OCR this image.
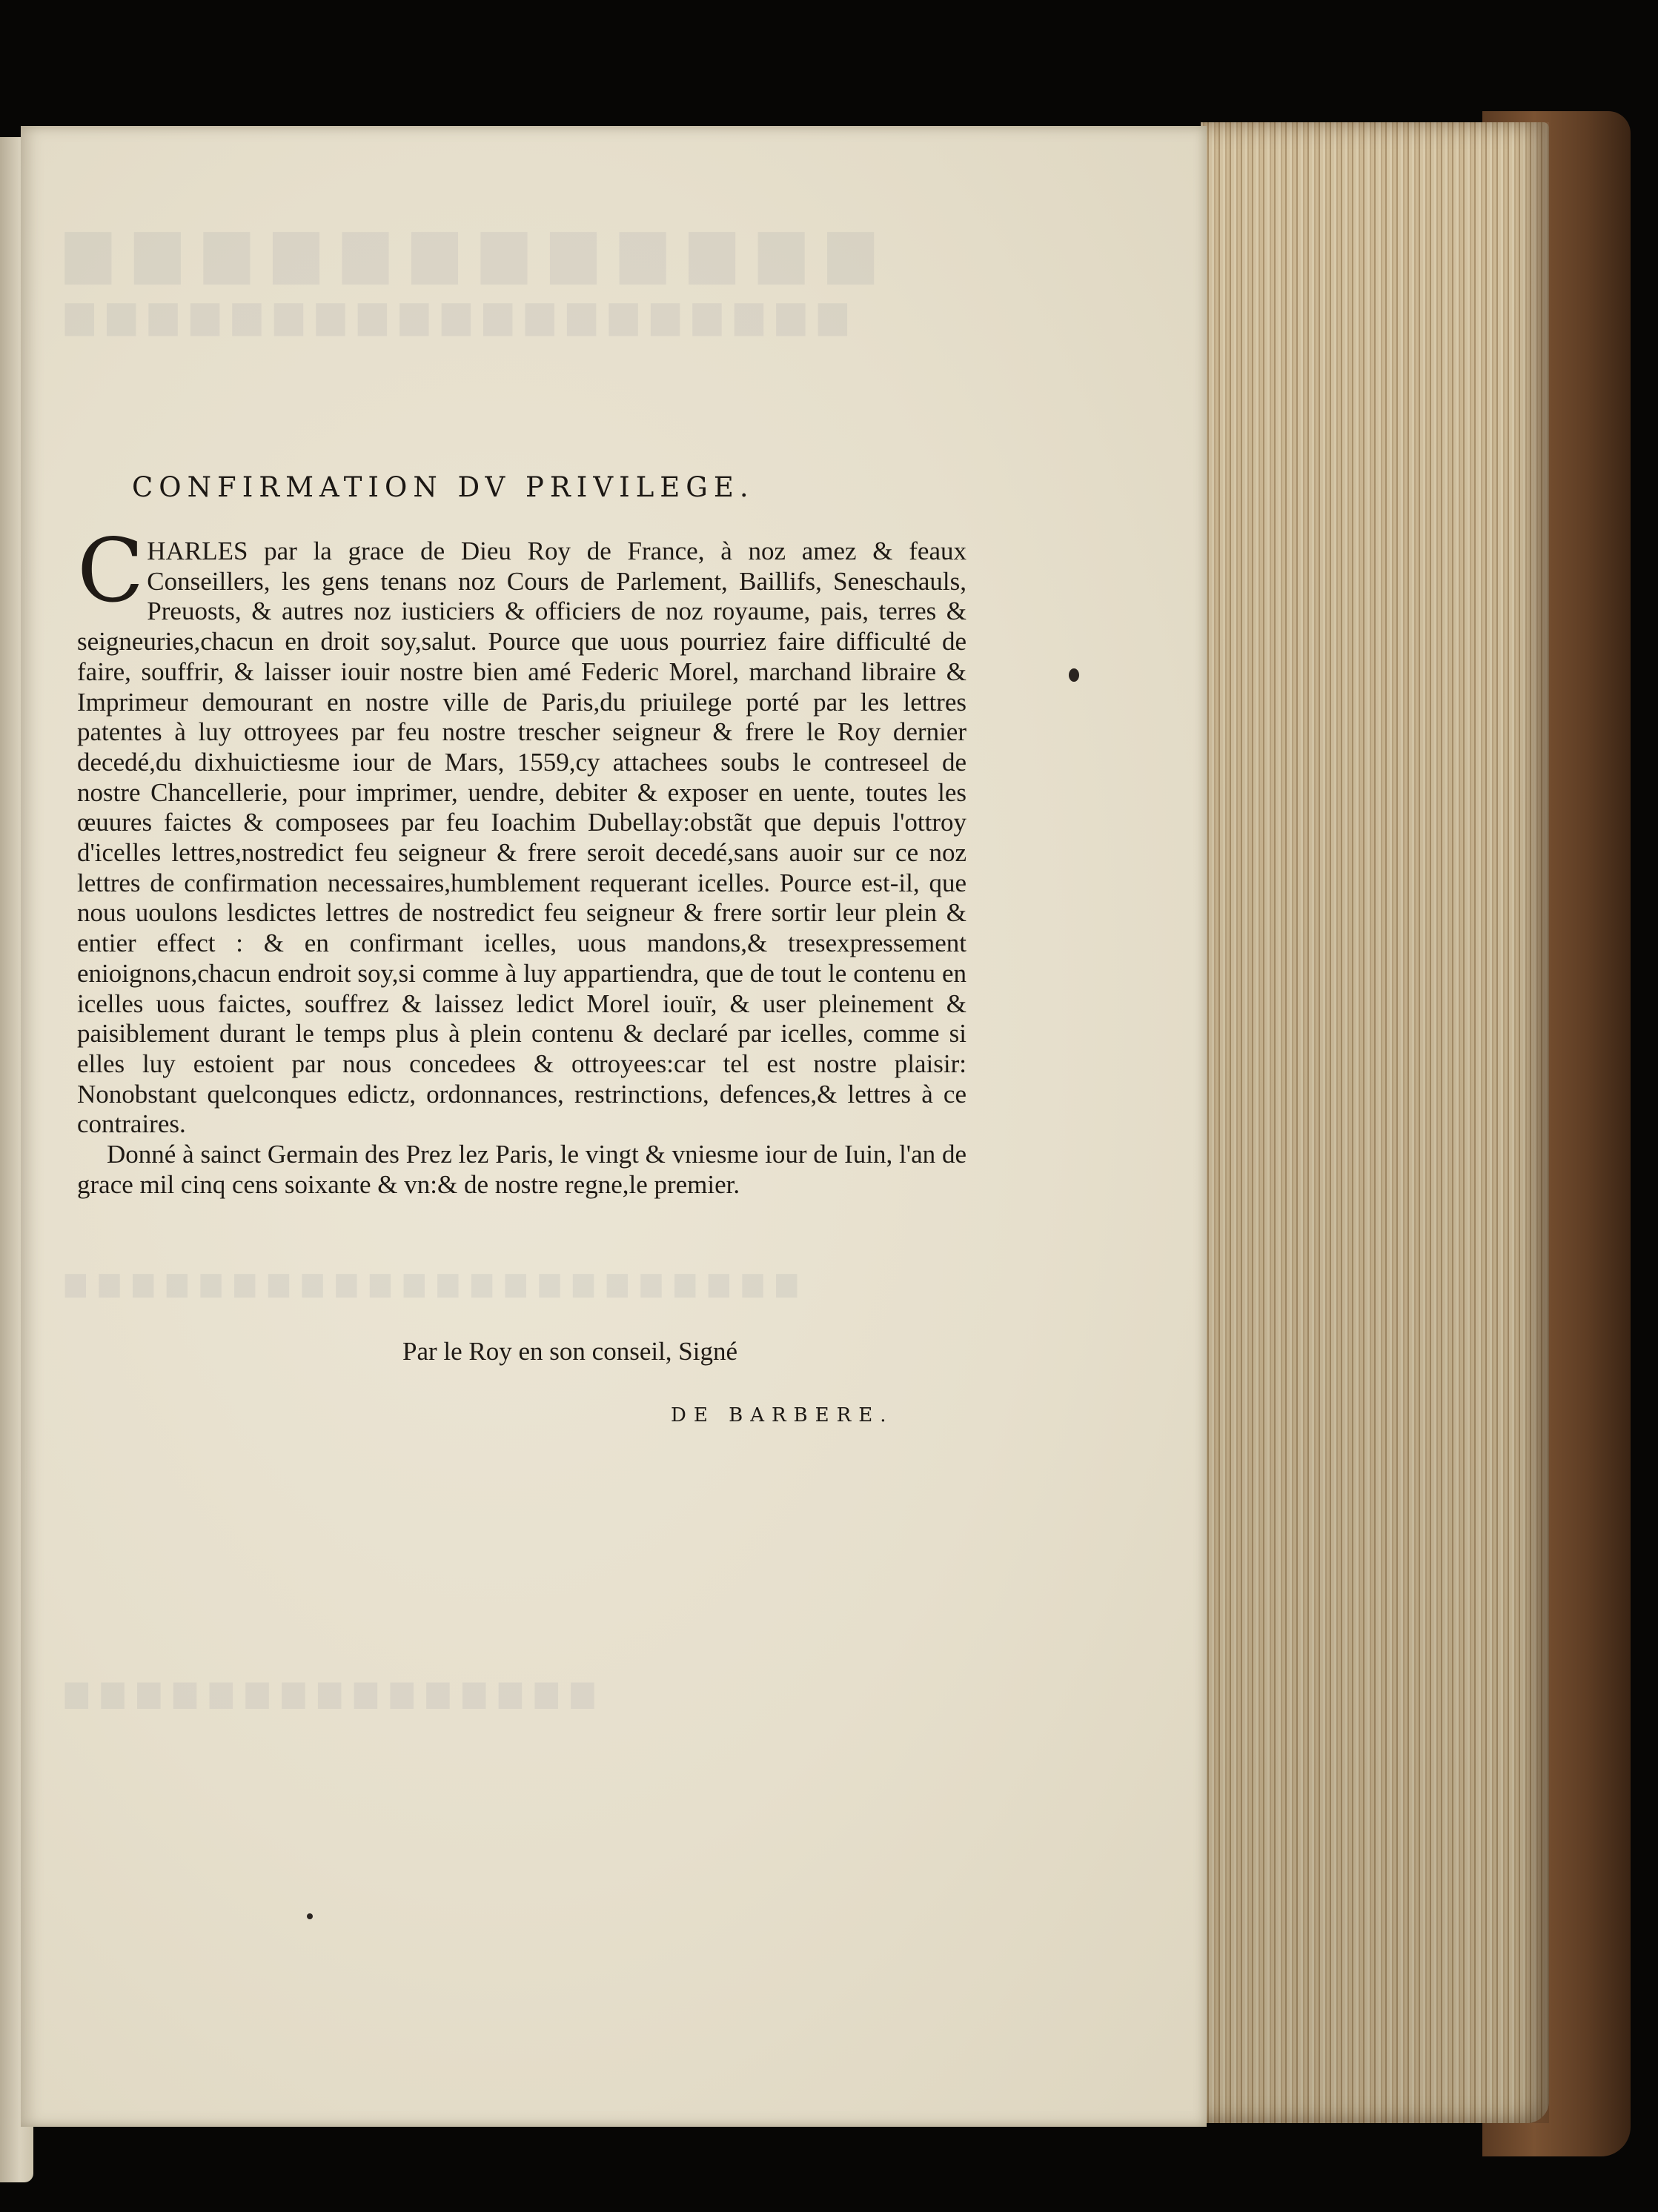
▆▆▆▆▆▆▆▆▆▆▆▆
▆▆▆▆▆▆▆▆▆▆▆▆▆▆▆▆▆▆▆
▆▆▆▆▆▆▆▆▆▆▆▆▆▆▆▆▆▆▆▆▆▆
▆▆▆▆▆▆▆▆▆▆▆▆▆▆▆
CONFIRMATION DV PRIVILEGE.

CHARLES par la grace de Dieu Roy de France, à noz amez & feaux Conseillers, les gens tenans noz Cours de Parlement, Baillifs, Seneschauls, Preuosts, & autres noz iusticiers & officiers de noz royaume, pais, terres & seigneuries,chacun en droit soy,salut. Pource que uous pourriez faire difficulté de faire, souffrir, & laisser iouir nostre bien amé Federic Morel, marchand libraire & Imprimeur demourant en nostre ville de Paris,du priuilege porté par les lettres patentes à luy ottroyees par feu nostre trescher seigneur & frere le Roy dernier decedé,du dixhuictiesme iour de Mars, 1559,cy attachees soubs le contreseel de nostre Chancellerie, pour imprimer, uendre, debiter & exposer en uente, toutes les œuures faictes & composees par feu Ioachim Dubellay:obstãt que depuis l'ottroy d'icelles lettres,nostredict feu seigneur & frere seroit decedé,sans auoir sur ce noz lettres de confirmation necessaires,humblement requerant icelles. Pource est-il, que nous uoulons lesdictes lettres de nostredict feu seigneur & frere sortir leur plein & entier effect : & en confirmant icelles, uous mandons,& tresexpressement enioignons,chacun endroit soy,si comme à luy appartiendra, que de tout le contenu en icelles uous faictes, souffrez & laissez ledict Morel iouïr, & user pleinement & paisiblement durant le temps plus à plein contenu & declaré par icelles, comme si elles luy estoient par nous concedees & ottroyees:car tel est nostre plaisir: Nonobstant quelconques edictz, ordonnances, restrinctions, defences,& lettres à ce contraires.

Donné à sainct Germain des Prez lez Paris, le vingt & vniesme iour de Iuin, l'an de grace mil cinq cens soixante & vn:& de nostre regne,le premier.

Par le Roy en son conseil, Signé
DE BARBERE.
